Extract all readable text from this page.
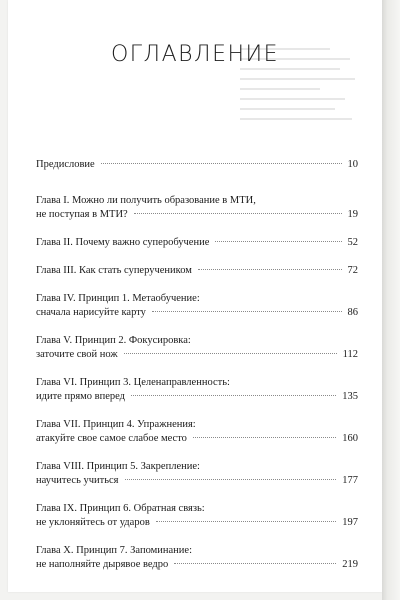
ОГЛАВЛЕНИЕ
Предисловие	10
Глава I. Можно ли получить образование в МТИ,
не поступая в МТИ?	19
Глава II. Почему важно суперобучение	52
Глава III. Как стать суперучеником	72
Глава IV. Принцип 1. Метаобучение:
сначала нарисуйте карту	86
Глава V. Принцип 2. Фокусировка:
заточите свой нож	112
Глава VI. Принцип 3. Целенаправленность:
идите прямо вперед	135
Глава VII. Принцип 4. Упражнения:
атакуйте свое самое слабое место	160
Глава VIII. Принцип 5. Закрепление:
научитесь учиться	177
Глава IX. Принцип 6. Обратная связь:
не уклоняйтесь от ударов	197
Глава X. Принцип 7. Запоминание:
не наполняйте дырявое ведро	219
